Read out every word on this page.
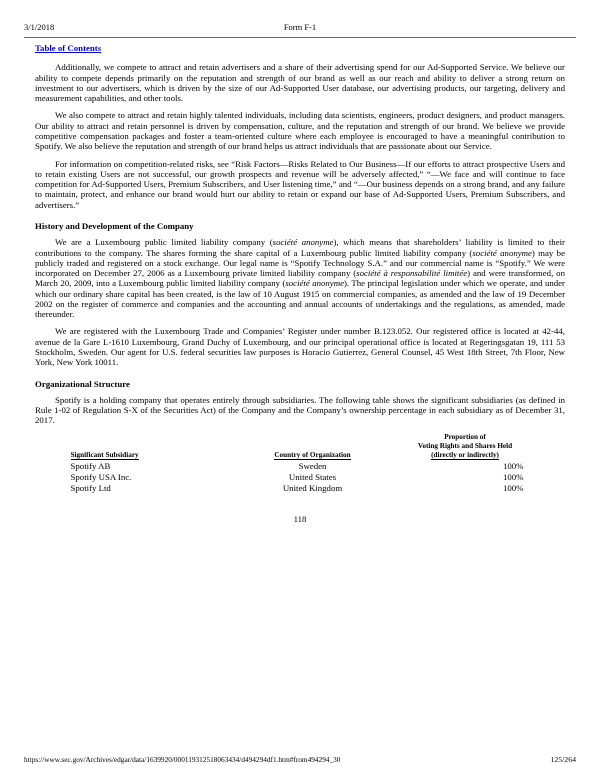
3/1/2018	Form F-1
Table of Contents

Additionally, we compete to attract and retain advertisers and a share of their advertising spend for our Ad-Supported Service. We believe our ability to compete depends primarily on the reputation and strength of our brand as well as our reach and ability to deliver a strong return on investment to our advertisers, which is driven by the size of our Ad-Supported User database, our advertising products, our targeting, delivery and measurement capabilities, and other tools.

We also compete to attract and retain highly talented individuals, including data scientists, engineers, product designers, and product managers. Our ability to attract and retain personnel is driven by compensation, culture, and the reputation and strength of our brand. We believe we provide competitive compensation packages and foster a team-oriented culture where each employee is encouraged to have a meaningful contribution to Spotify. We also believe the reputation and strength of our brand helps us attract individuals that are passionate about our Service.

For information on competition-related risks, see “Risk Factors—Risks Related to Our Business—If our efforts to attract prospective Users and to retain existing Users are not successful, our growth prospects and revenue will be adversely affected,” “—We face and will continue to face competition for Ad-Supported Users, Premium Subscribers, and User listening time,” and “—Our business depends on a strong brand, and any failure to maintain, protect, and enhance our brand would hurt our ability to retain or expand our base of Ad-Supported Users, Premium Subscribers, and advertisers.”

History and Development of the Company

We are a Luxembourg public limited liability company (société anonyme), which means that shareholders’ liability is limited to their contributions to the company. The shares forming the share capital of a Luxembourg public limited liability company (société anonyme) may be publicly traded and registered on a stock exchange. Our legal name is “Spotify Technology S.A.” and our commercial name is “Spotify.” We were incorporated on December 27, 2006 as a Luxembourg private limited liability company (société à responsabilité limitée) and were transformed, on March 20, 2009, into a Luxembourg public limited liability company (société anonyme). The principal legislation under which we operate, and under which our ordinary share capital has been created, is the law of 10 August 1915 on commercial companies, as amended and the law of 19 December 2002 on the register of commerce and companies and the accounting and annual accounts of undertakings and the regulations, as amended, made thereunder.

We are registered with the Luxembourg Trade and Companies’ Register under number B.123.052. Our registered office is located at 42-44, avenue de la Gare L-1610 Luxembourg, Grand Duchy of Luxembourg, and our principal operational office is located at Regeringsgatan 19, 111 53 Stockholm, Sweden. Our agent for U.S. federal securities law purposes is Horacio Gutierrez, General Counsel, 45 West 18th Street, 7th Floor, New York, New York 10011.

Organizational Structure

Spotify is a holding company that operates entirely through subsidiaries. The following table shows the significant subsidiaries (as defined in Rule 1-02 of Regulation S-X of the Securities Act) of the Company and the Company’s ownership percentage in each subsidiary as of December 31, 2017.

Significant Subsidiary	Country of Organization	Proportion of
Voting Rights and Shares Held
(directly or indirectly)

Spotify AB	Sweden	100%
Spotify USA Inc.	United States	100%
Spotify Ltd	United Kingdom	100%
118
https://www.sec.gov/Archives/edgar/data/1639920/000119312518063434/d494294df1.htm#from494294_30	125/264
